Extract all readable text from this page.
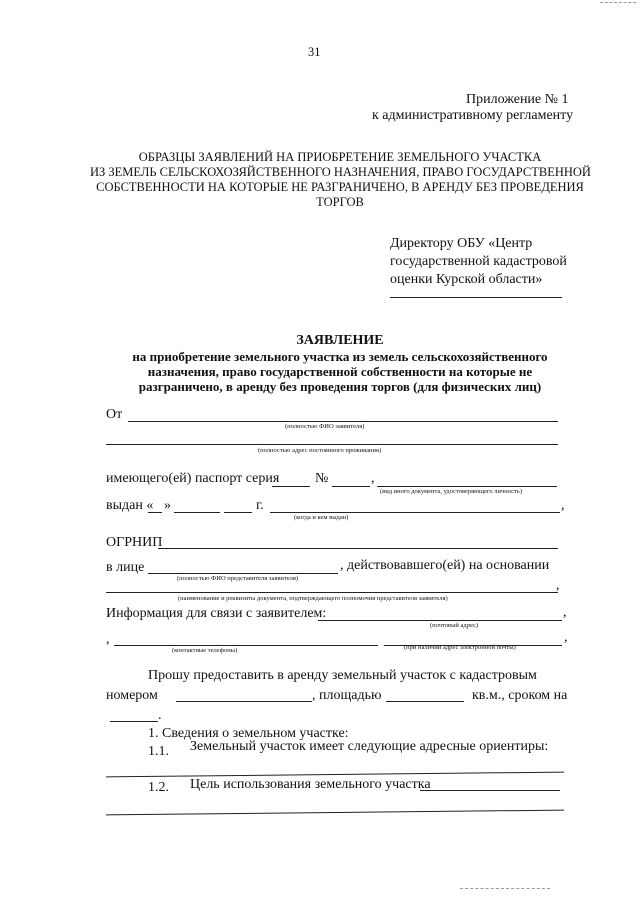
31
Приложение № 1
к административному регламенту
ОБРАЗЦЫ ЗАЯВЛЕНИЙ НА ПРИОБРЕТЕНИЕ ЗЕМЕЛЬНОГО УЧАСТКА
ИЗ ЗЕМЕЛЬ СЕЛЬСКОХОЗЯЙСТВЕННОГО НАЗНАЧЕНИЯ, ПРАВО ГОСУДАРСТВЕННОЙ
СОБСТВЕННОСТИ НА КОТОРЫЕ НЕ РАЗГРАНИЧЕНО, В АРЕНДУ БЕЗ ПРОВЕДЕНИЯ
ТОРГОВ
Директору ОБУ «Центр
государственной кадастровой
оценки Курской области»
ЗАЯВЛЕНИЕ
на приобретение земельного участка из земель сельскохозяйственного
назначения, право государственной собственности на которые не
разграничено, в аренду без проведения торгов (для физических лиц)
От
(полностью ФИО заявителя)
(полностью адрес постоянного проживания)
имеющего(ей) паспорт серия	№	,
(вид иного документа, удостоверяющего личность)
выдан « »	г.	,
(когда и кем выдан)
ОГРНИП
в лице	, действовавшего(ей) на основании
(полностью ФИО представителя заявителя)	,
(наименование и реквизиты документа, подтверждающего полномочия представителя заявителя)
Информация для связи с заявителем:	,
(почтовый адрес)
,	,
(контактные телефоны)	(при наличии адрес электронной почты)
Прошу предоставить в аренду земельный участок с кадастровым
номером	, площадью	кв.м., сроком на
.
1. Сведения о земельном участке:
1.1. Земельный участок имеет следующие адресные ориентиры:
1.2. Цель использования земельного участка
